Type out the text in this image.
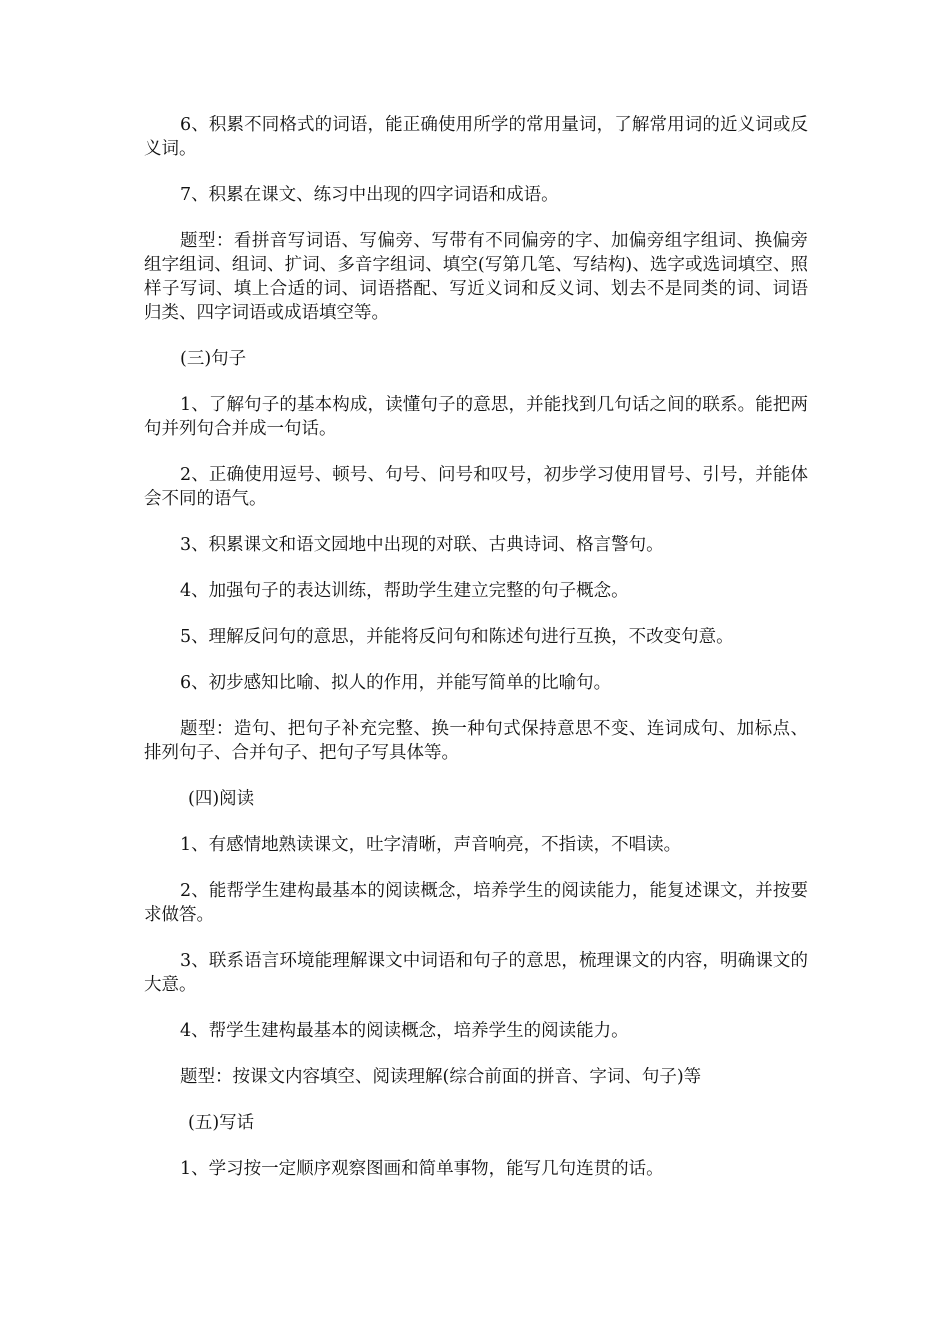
6、积累不同格式的词语，能正确使用所学的常用量词，了解常用词的近义词或反义词。

7、积累在课文、练习中出现的四字词语和成语。

题型：看拼音写词语、写偏旁、写带有不同偏旁的字、加偏旁组字组词、换偏旁组字组词、组词、扩词、多音字组词、填空(写第几笔、写结构)、选字或选词填空、照样子写词、填上合适的词、词语搭配、写近义词和反义词、划去不是同类的词、词语归类、四字词语或成语填空等。

(三)句子

1、了解句子的基本构成，读懂句子的意思，并能找到几句话之间的联系。能把两句并列句合并成一句话。

2、正确使用逗号、顿号、句号、问号和叹号，初步学习使用冒号、引号，并能体会不同的语气。

3、积累课文和语文园地中出现的对联、古典诗词、格言警句。

4、加强句子的表达训练，帮助学生建立完整的句子概念。

5、理解反问句的意思，并能将反问句和陈述句进行互换，不改变句意。

6、初步感知比喻、拟人的作用，并能写简单的比喻句。

题型：造句、把句子补充完整、换一种句式保持意思不变、连词成句、加标点、排列句子、合并句子、把句子写具体等。

(四)阅读

1、有感情地熟读课文，吐字清晰，声音响亮，不指读，不唱读。

2、能帮学生建构最基本的阅读概念，培养学生的阅读能力，能复述课文，并按要求做答。

3、联系语言环境能理解课文中词语和句子的意思，梳理课文的内容，明确课文的大意。

4、帮学生建构最基本的阅读概念，培养学生的阅读能力。

题型：按课文内容填空、阅读理解(综合前面的拼音、字词、句子)等

(五)写话

1、学习按一定顺序观察图画和简单事物，能写几句连贯的话。
